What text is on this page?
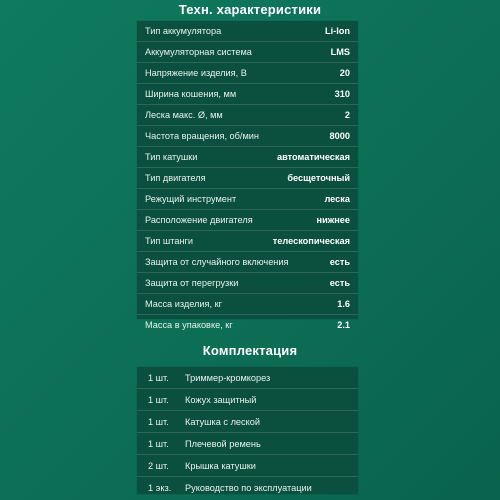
Техн. характеристики
Тип аккумулятора	Li-Ion
Аккумуляторная система	LMS
Напряжение изделия, В	20
Ширина кошения, мм	310
Леска макс. Ø, мм	2
Частота вращения, об/мин	8000
Тип катушки	автоматическая
Тип двигателя	бесщеточный
Режущий инструмент	леска
Расположение двигателя	нижнее
Тип штанги	телескопическая
Защита от случайного включения	есть
Защита от перегрузки	есть
Масса изделия, кг	1.6
Масса в упаковке, кг	2.1
Комплектация
1 шт. Триммер-кромкорез
1 шт. Кожух защитный
1 шт. Катушка с леской
1 шт. Плечевой ремень
2 шт. Крышка катушки
1 экз. Руководство по эксплуатации
